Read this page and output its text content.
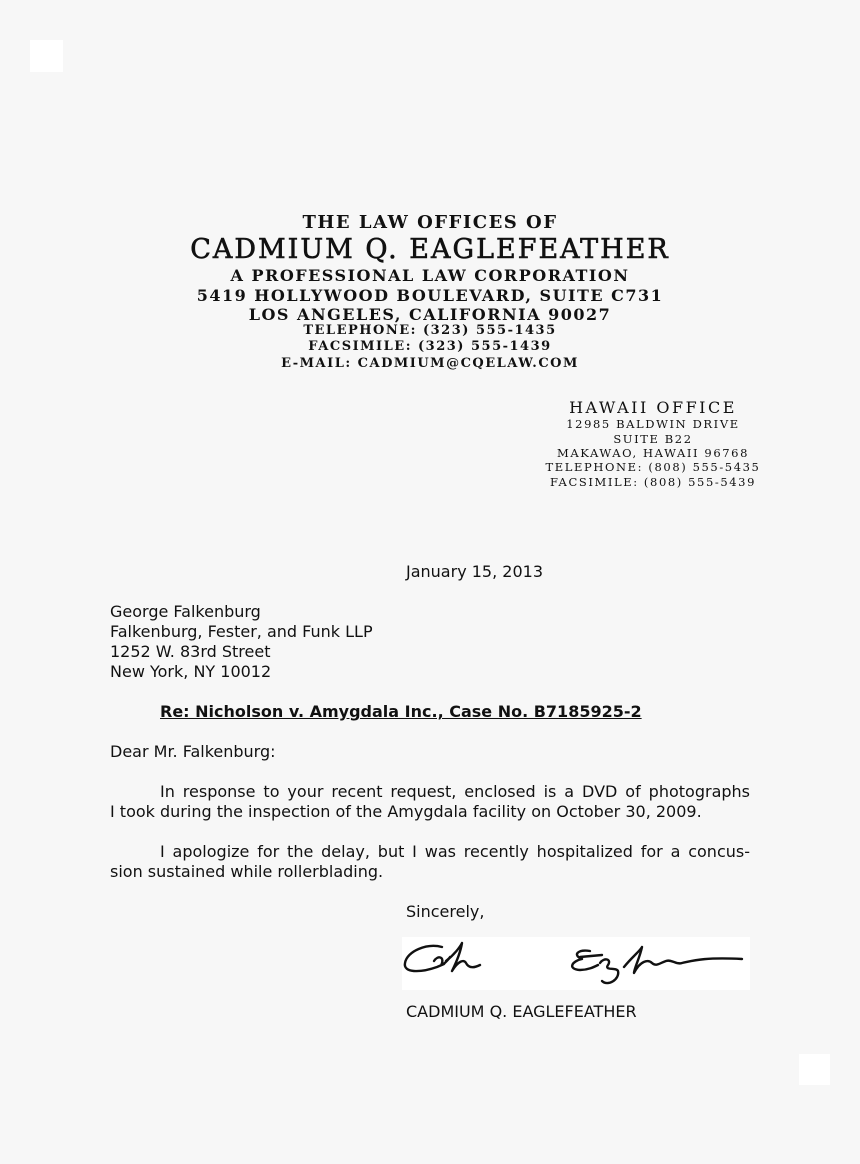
THE LAW OFFICES OF
CADMIUM Q. EAGLEFEATHER
A PROFESSIONAL LAW CORPORATION
5419 HOLLYWOOD BOULEVARD, SUITE C731
LOS ANGELES, CALIFORNIA 90027
TELEPHONE: (323) 555-1435
FACSIMILE: (323) 555-1439
E-MAIL: CADMIUM@CQELAW.COM
HAWAII OFFICE
12985 BALDWIN DRIVE
SUITE B22
MAKAWAO, HAWAII 96768
TELEPHONE: (808) 555-5435
FACSIMILE: (808) 555-5439
January 15, 2013
George Falkenburg
Falkenburg, Fester, and Funk LLP
1252 W. 83rd Street
New York, NY 10012
Re: Nicholson v. Amygdala Inc., Case No. B7185925-2
Dear Mr. Falkenburg:
In response to your recent request, enclosed is a DVD of photographs
I took during the inspection of the Amygdala facility on October 30, 2009.
I apologize for the delay, but I was recently hospitalized for a concus-
sion sustained while rollerblading.
Sincerely,
CADMIUM Q. EAGLEFEATHER
